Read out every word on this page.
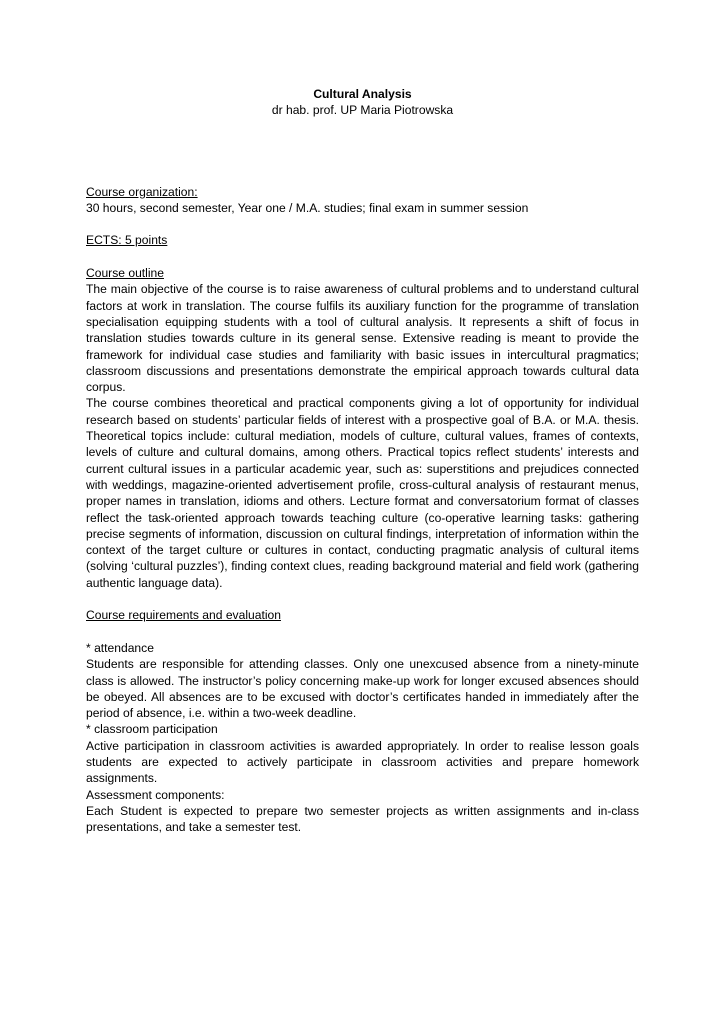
Cultural Analysis

dr hab. prof. UP Maria Piotrowska

Course organization:

30 hours, second semester, Year one / M.A. studies; final exam in summer session

ECTS: 5 points

Course outline

The main objective of the course is to raise awareness of cultural problems and to understand cultural factors at work in translation. The course fulfils its auxiliary function for the programme of translation specialisation equipping students with a tool of cultural analysis. It represents a shift of focus in translation studies towards culture in its general sense. Extensive reading is meant to provide the framework for individual case studies and familiarity with basic issues in intercultural pragmatics; classroom discussions and presentations demonstrate the empirical approach towards cultural data corpus.

The course combines theoretical and practical components giving a lot of opportunity for individual research based on students’ particular fields of interest with a prospective goal of B.A. or M.A. thesis. Theoretical topics include: cultural mediation, models of culture, cultural values, frames of contexts, levels of culture and cultural domains, among others. Practical topics reflect students’ interests and current cultural issues in a particular academic year, such as: superstitions and prejudices connected with weddings, magazine-oriented advertisement profile, cross-cultural analysis of restaurant menus, proper names in translation, idioms and others. Lecture format and conversatorium format of classes reflect the task-oriented approach towards teaching culture (co-operative learning tasks: gathering precise segments of information, discussion on cultural findings, interpretation of information within the context of the target culture or cultures in contact, conducting pragmatic analysis of cultural items (solving ‘cultural puzzles’), finding context clues, reading background material and field work (gathering authentic language data).

Course requirements and evaluation

* attendance

Students are responsible for attending classes. Only one unexcused absence from a ninety-minute class is allowed. The instructor’s policy concerning make-up work for longer excused absences should be obeyed. All absences are to be excused with doctor’s certificates handed in immediately after the period of absence, i.e. within a two-week deadline.

* classroom participation

Active participation in classroom activities is awarded appropriately. In order to realise lesson goals students are expected to actively participate in classroom activities and prepare homework assignments.

Assessment components:

Each Student is expected to prepare two semester projects as written assignments and in-class presentations, and take a semester test.
